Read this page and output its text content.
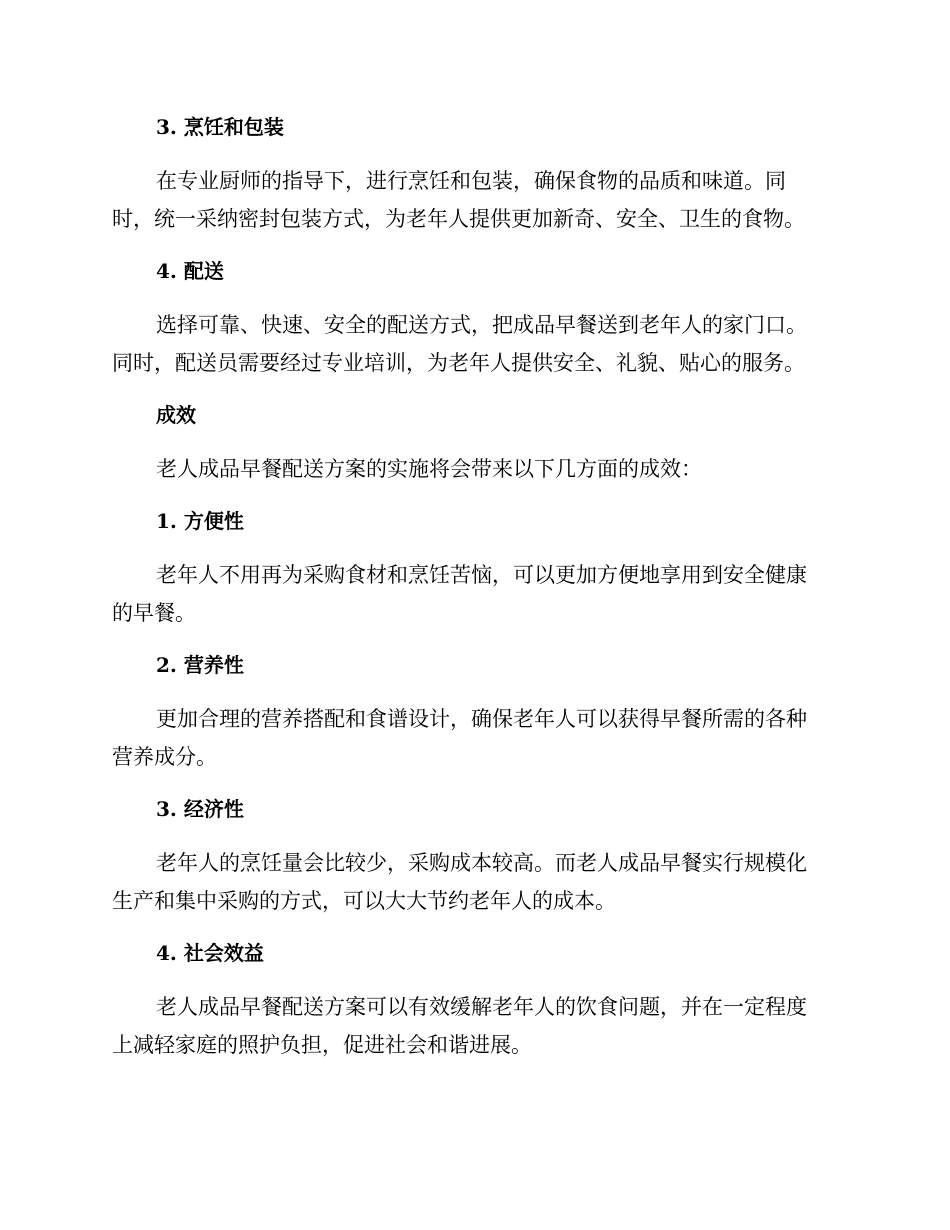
3. 烹饪和包装

在专业厨师的指导下，进行烹饪和包装，确保食物的品质和味道。同
时，统一采纳密封包装方式，为老年人提供更加新奇、安全、卫生的食物。

4. 配送

选择可靠、快速、安全的配送方式，把成品早餐送到老年人的家门口。
同时，配送员需要经过专业培训，为老年人提供安全、礼貌、贴心的服务。

成效

老人成品早餐配送方案的实施将会带来以下几方面的成效：

1. 方便性

老年人不用再为采购食材和烹饪苦恼，可以更加方便地享用到安全健康
的早餐。

2. 营养性

更加合理的营养搭配和食谱设计，确保老年人可以获得早餐所需的各种
营养成分。

3. 经济性

老年人的烹饪量会比较少，采购成本较高。而老人成品早餐实行规模化
生产和集中采购的方式，可以大大节约老年人的成本。

4. 社会效益

老人成品早餐配送方案可以有效缓解老年人的饮食问题，并在一定程度
上减轻家庭的照护负担，促进社会和谐进展。
